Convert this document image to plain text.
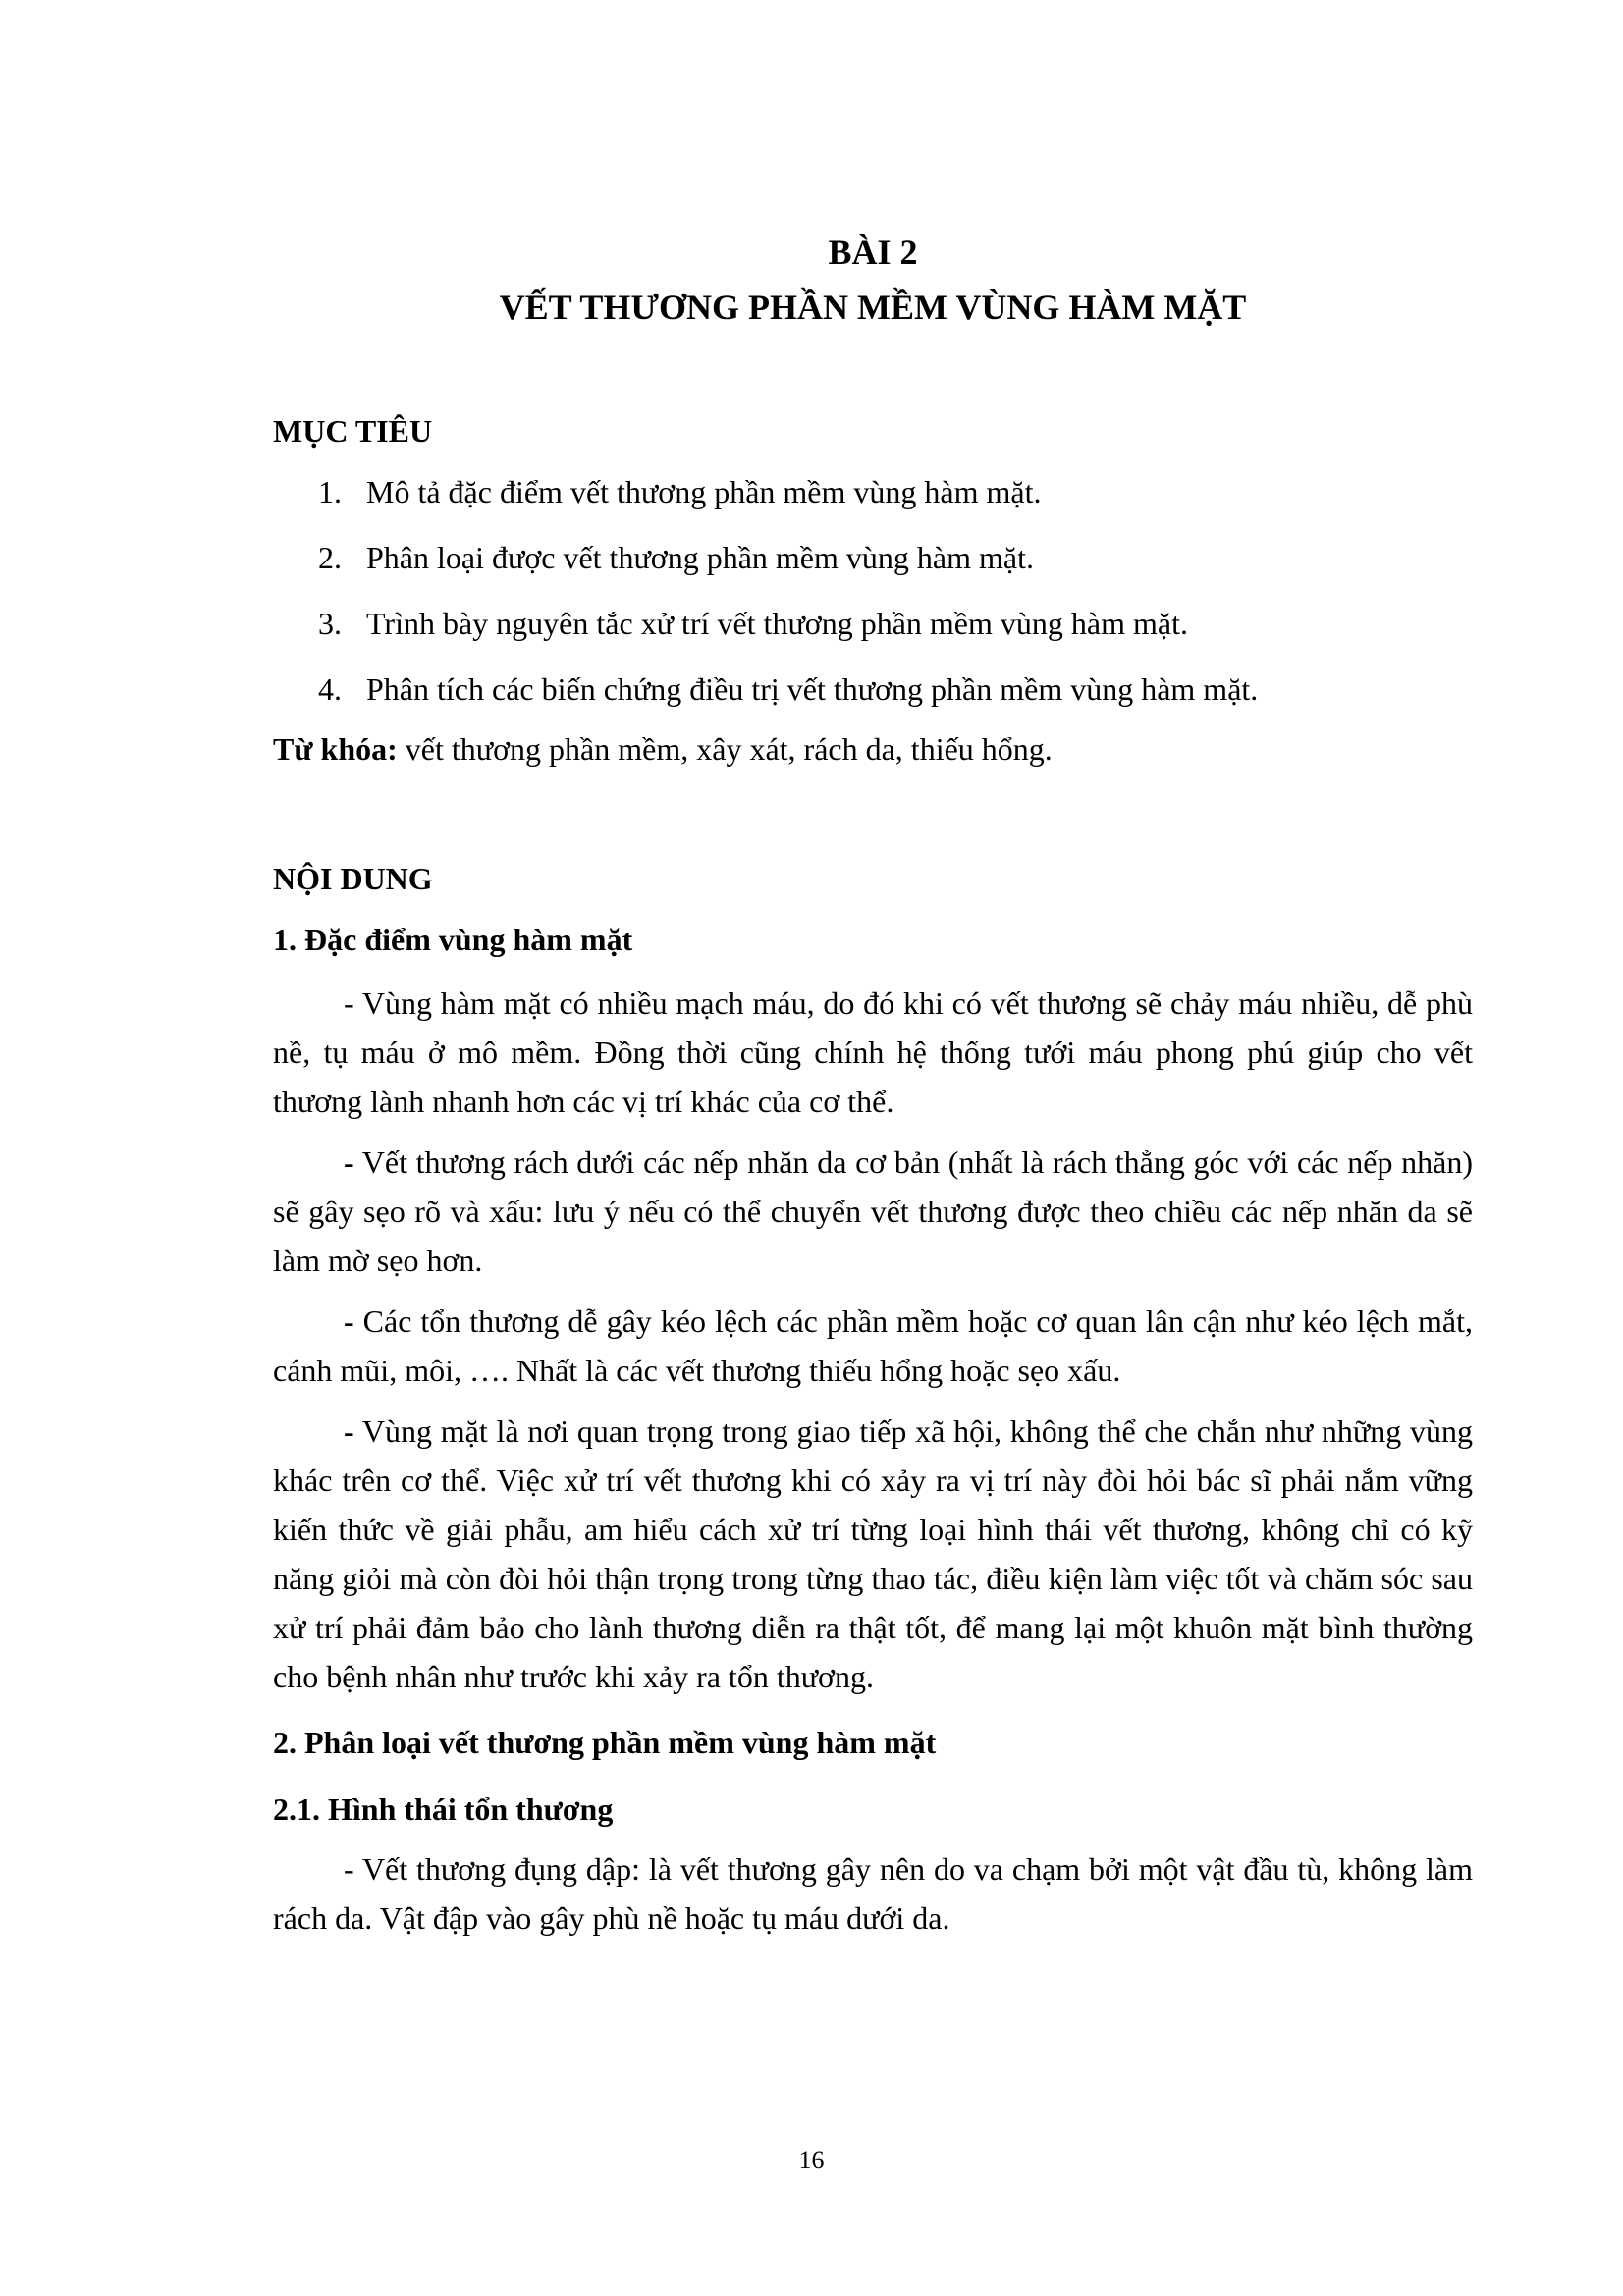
BÀI 2
VẾT THƯƠNG PHẦN MỀM VÙNG HÀM MẶT
MỤC TIÊU
1. Mô tả đặc điểm vết thương phần mềm vùng hàm mặt.
2. Phân loại được vết thương phần mềm vùng hàm mặt.
3. Trình bày nguyên tắc xử trí vết thương phần mềm vùng hàm mặt.
4. Phân tích các biến chứng điều trị vết thương phần mềm vùng hàm mặt.
Từ khóa: vết thương phần mềm, xây xát, rách da, thiếu hổng.
NỘI DUNG
1. Đặc điểm vùng hàm mặt

- Vùng hàm mặt có nhiều mạch máu, do đó khi có vết thương sẽ chảy máu nhiều, dễ phù nề, tụ máu ở mô mềm. Đồng thời cũng chính hệ thống tưới máu phong phú giúp cho vết thương lành nhanh hơn các vị trí khác của cơ thể.

- Vết thương rách dưới các nếp nhăn da cơ bản (nhất là rách thẳng góc với các nếp nhăn) sẽ gây sẹo rõ và xấu: lưu ý nếu có thể chuyển vết thương được theo chiều các nếp nhăn da sẽ làm mờ sẹo hơn.

- Các tổn thương dễ gây kéo lệch các phần mềm hoặc cơ quan lân cận như kéo lệch mắt, cánh mũi, môi, …. Nhất là các vết thương thiếu hổng hoặc sẹo xấu.

- Vùng mặt là nơi quan trọng trong giao tiếp xã hội, không thể che chắn như những vùng khác trên cơ thể. Việc xử trí vết thương khi có xảy ra vị trí này đòi hỏi bác sĩ phải nắm vững kiến thức về giải phẫu, am hiểu cách xử trí từng loại hình thái vết thương, không chỉ có kỹ năng giỏi mà còn đòi hỏi thận trọng trong từng thao tác, điều kiện làm việc tốt và chăm sóc sau xử trí phải đảm bảo cho lành thương diễn ra thật tốt, để mang lại một khuôn mặt bình thường cho bệnh nhân như trước khi xảy ra tổn thương.

2. Phân loại vết thương phần mềm vùng hàm mặt
2.1. Hình thái tổn thương

- Vết thương đụng dập: là vết thương gây nên do va chạm bởi một vật đầu tù, không làm rách da. Vật đập vào gây phù nề hoặc tụ máu dưới da.

16
